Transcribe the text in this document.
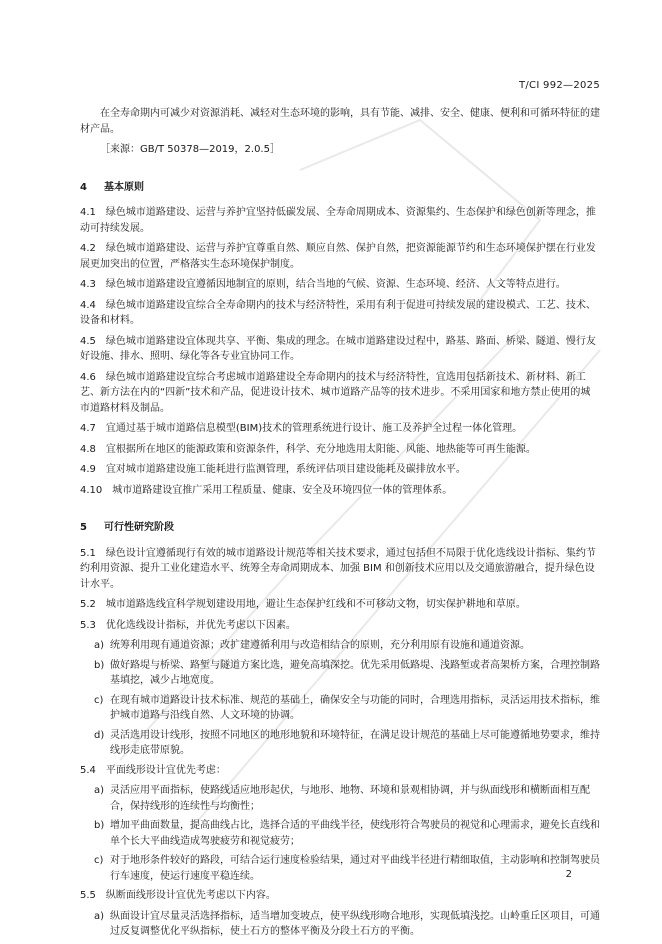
T/CI 992—2025

在全寿命期内可减少对资源消耗、减轻对生态环境的影响，具有节能、减排、安全、健康、便利和可循环特征的建材产品。

［来源：GB/T 50378—2019，2.0.5］

4 基本原则

4.1　 绿色城市道路建设、运营与养护宜坚持低碳发展、全寿命周期成本、资源集约、生态保护和绿色创新等理念，推动可持续发展。

4.2　 绿色城市道路建设、运营与养护宜尊重自然、顺应自然、保护自然，把资源能源节约和生态环境保护摆在行业发展更加突出的位置，严格落实生态环境保护制度。

4.3　 绿色城市道路建设宜遵循因地制宜的原则，结合当地的气候、资源、生态环境、经济、人文等特点进行。

4.4　 绿色城市道路建设宜综合全寿命期内的技术与经济特性，采用有利于促进可持续发展的建设模式、工艺、技术、设备和材料。

4.5　 绿色城市道路建设宜体现共享、平衡、集成的理念。在城市道路建设过程中，路基、路面、桥梁、隧道、慢行友好设施、排水、照明、绿化等各专业宜协同工作。

4.6　 绿色城市道路建设宜综合考虑城市道路建设全寿命期内的技术与经济特性，宜选用包括新技术、新材料、新工艺、新方法在内的“四新”技术和产品，促进设计技术、城市道路产品等的技术进步。不采用国家和地方禁止使用的城市道路材料及制品。

4.7　 宜通过基于城市道路信息模型(BIM)技术的管理系统进行设计、施工及养护全过程一体化管理。

4.8　 宜根据所在地区的能源政策和资源条件，科学、充分地选用太阳能、风能、地热能等可再生能源。

4.9　 宜对城市道路建设施工能耗进行监测管理，系统评估项目建设能耗及碳排放水平。

4.10　 城市道路建设宜推广采用工程质量、健康、安全及环境四位一体的管理体系。

5 可行性研究阶段

5.1　 绿色设计宜遵循现行有效的城市道路设计规范等相关技术要求，通过包括但不局限于优化选线设计指标、集约节约利用资源、提升工业化建造水平、统筹全寿命周期成本、加强 BIM 和创新技术应用以及交通旅游融合，提升绿色设计水平。

5.2　 城市道路选线宜科学规划建设用地，避让生态保护红线和不可移动文物，切实保护耕地和草原。

5.3　 优化选线设计指标，并优先考虑以下因素。

a) 统筹利用现有通道资源；改扩建遵循利用与改造相结合的原则，充分利用原有设施和通道资源。
b) 做好路堤与桥梁、路堑与隧道方案比选，避免高填深挖。优先采用低路堤、浅路堑或者高架桥方案，合理控制路基填挖，减少占地宽度。
c) 在现有城市道路设计技术标准、规范的基础上，确保安全与功能的同时，合理选用指标，灵活运用技术指标，维护城市道路与沿线自然、人文环境的协调。
d) 灵活选用设计线形，按照不同地区的地形地貌和环境特征，在满足设计规范的基础上尽可能遵循地势要求，维持线形走底带原貌。

5.4　 平面线形设计宜优先考虑：

a) 灵活应用平面指标，使路线适应地形起伏，与地形、地物、环境和景观相协调，并与纵面线形和横断面相互配合，保持线形的连续性与均衡性；
b) 增加平曲面数量，提高曲线占比，选择合适的平曲线半径，使线形符合驾驶员的视觉和心理需求，避免长直线和单个长大平曲线造成驾驶疲劳和视觉疲劳；
c) 对于地形条件较好的路段，可结合运行速度检验结果，通过对平曲线半径进行精细取值，主动影响和控制驾驶员行车速度，使运行速度平稳连续。

5.5　 纵断面线形设计宜优先考虑以下内容。

a) 纵面设计宜尽量灵活选择指标，适当增加变坡点，使平纵线形吻合地形，实现低填浅挖。山岭重丘区项目，可通过反复调整优化平纵指标，使土石方的整体平衡及分段土石方的平衡。
2
